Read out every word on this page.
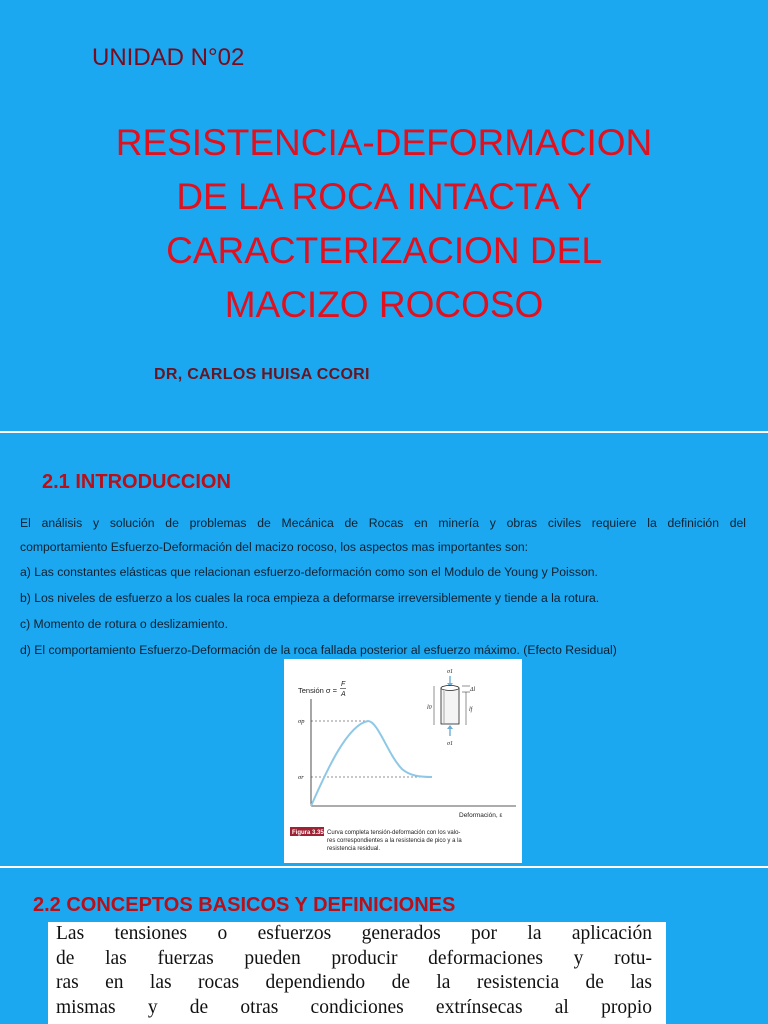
UNIDAD N°02
RESISTENCIA-DEFORMACION
DE LA ROCA INTACTA Y
CARACTERIZACION DEL
MACIZO ROCOSO
DR, CARLOS HUISA CCORI
2.1 INTRODUCCION
El análisis y solución de problemas de Mecánica de Rocas en minería y obras civiles requiere la definición del
comportamiento Esfuerzo-Deformación del macizo rocoso, los aspectos mas importantes son:
a) Las constantes elásticas que relacionan esfuerzo-deformación como son el Modulo de Young y Poisson.
b) Los niveles de esfuerzo a los cuales la roca empieza a deformarse irreversiblemente y tiende a la rotura.
c) Momento de rotura o deslizamiento.
d) El comportamiento Esfuerzo-Deformación de la roca fallada posterior al esfuerzo máximo. (Efecto Residual)
Tensión σ =
F
A
σp
σr
Deformación, ε
σ1
σ1
l0	lf
Δl
Figura 3.35 Curva completa tensión-deformación con los valo-
res correspondientes a la resistencia de pico y a la
resistencia residual.
2.2 CONCEPTOS BASICOS Y DEFINICIONES
Las tensiones o esfuerzos generados por la aplicación
de las fuerzas pueden producir deformaciones y rotu-
ras en las rocas dependiendo de la resistencia de las
mismas y de otras condiciones extrínsecas al propio
